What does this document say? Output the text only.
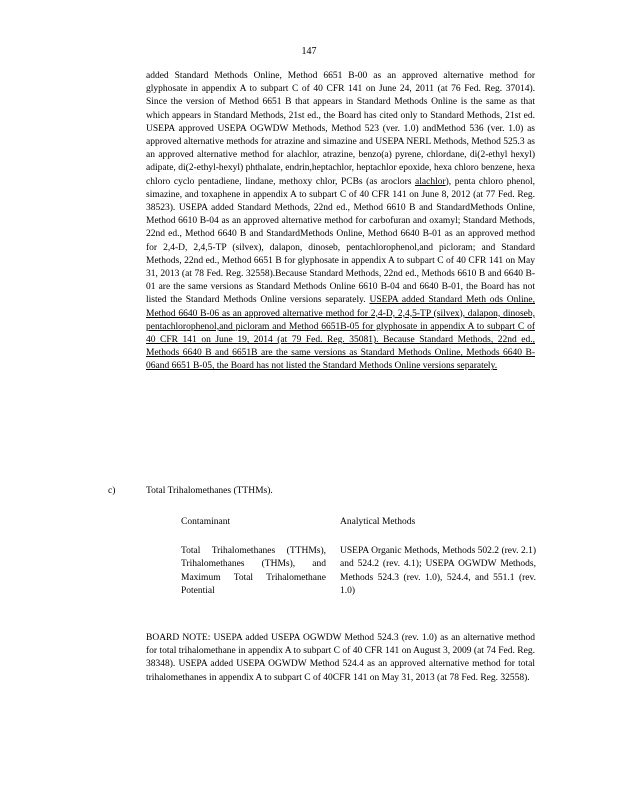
147
added Standard Methods Online, Method 6651 B-00 as an approved alternative method for glyphosate in appendix A to subpart C of 40 CFR 141 on June 24, 2011 (at 76 Fed. Reg. 37014). Since the version of Method 6651 B that appears in Standard Methods Online is the same as that which appears in Standard Methods, 21st ed., the Board has cited only to Standard Methods, 21st ed. USEPA approved USEPA OGWDW Methods, Method 523 (ver. 1.0) andMethod 536 (ver. 1.0) as approved alternative methods for atrazine and simazine and USEPA NERL Methods, Method 525.3 as an approved alternative method for alachlor, atrazine, benzo(a) pyrene, chlordane, di(2-ethyl hexyl) adipate, di(2-ethyl-hexyl) phthalate, endrin,heptachlor, heptachlor epoxide, hexa chloro benzene, hexa chloro cyclo pentadiene, lindane, methoxy chlor, PCBs (as aroclors alachlor), penta chloro phenol, simazine, and toxaphene in appendix A to subpart C of 40 CFR 141 on June 8, 2012 (at 77 Fed. Reg. 38523). USEPA added Standard Methods, 22nd ed., Method 6610 B and StandardMethods Online, Method 6610 B-04 as an approved alternative method for carbofuran and oxamyl; Standard Methods, 22nd ed., Method 6640 B and StandardMethods Online, Method 6640 B-01 as an approved method for 2,4-D, 2,4,5-TP (silvex), dalapon, dinoseb, pentachlorophenol,and picloram; and Standard Methods, 22nd ed., Method 6651 B for glyphosate in appendix A to subpart C of 40 CFR 141 on May 31, 2013 (at 78 Fed. Reg. 32558).Because Standard Methods, 22nd ed., Methods 6610 B and 6640 B-01 are the same versions as Standard Methods Online 6610 B-04 and 6640 B-01, the Board has not listed the Standard Methods Online versions separately. USEPA added Standard Meth ods Online, Method 6640 B-06 as an approved alternative method for 2,4-D, 2,4,5-TP (silvex), dalapon, dinoseb, pentachlorophenol,and picloram and Method 6651B-05 for glyphosate in appendix A to subpart C of 40 CFR 141 on June 19, 2014 (at 79 Fed. Reg. 35081). Because Standard Methods, 22nd ed., Methods 6640 B and 6651B are the same versions as Standard Methods Online, Methods 6640 B-06and 6651 B-05, the Board has not listed the Standard Methods Online versions separately.
c)	Total Trihalomethanes (TTHMs).
Contaminant	Analytical Methods
Total Trihalomethanes (TTHMs), Trihalomethanes (THMs), and Maximum Total Trihalomethane Potential
USEPA Organic Methods, Methods 502.2 (rev. 2.1) and 524.2 (rev. 4.1); USEPA OGWDW Methods, Methods 524.3 (rev. 1.0), 524.4, and 551.1 (rev. 1.0)
BOARD NOTE: USEPA added USEPA OGWDW Method 524.3 (rev. 1.0) as an alternative method for total trihalomethane in appendix A to subpart C of 40 CFR 141 on August 3, 2009 (at 74 Fed. Reg. 38348). USEPA added USEPA OGWDW Method 524.4 as an approved alternative method for total trihalomethanes in appendix A to subpart C of 40CFR 141 on May 31, 2013 (at 78 Fed. Reg. 32558).
